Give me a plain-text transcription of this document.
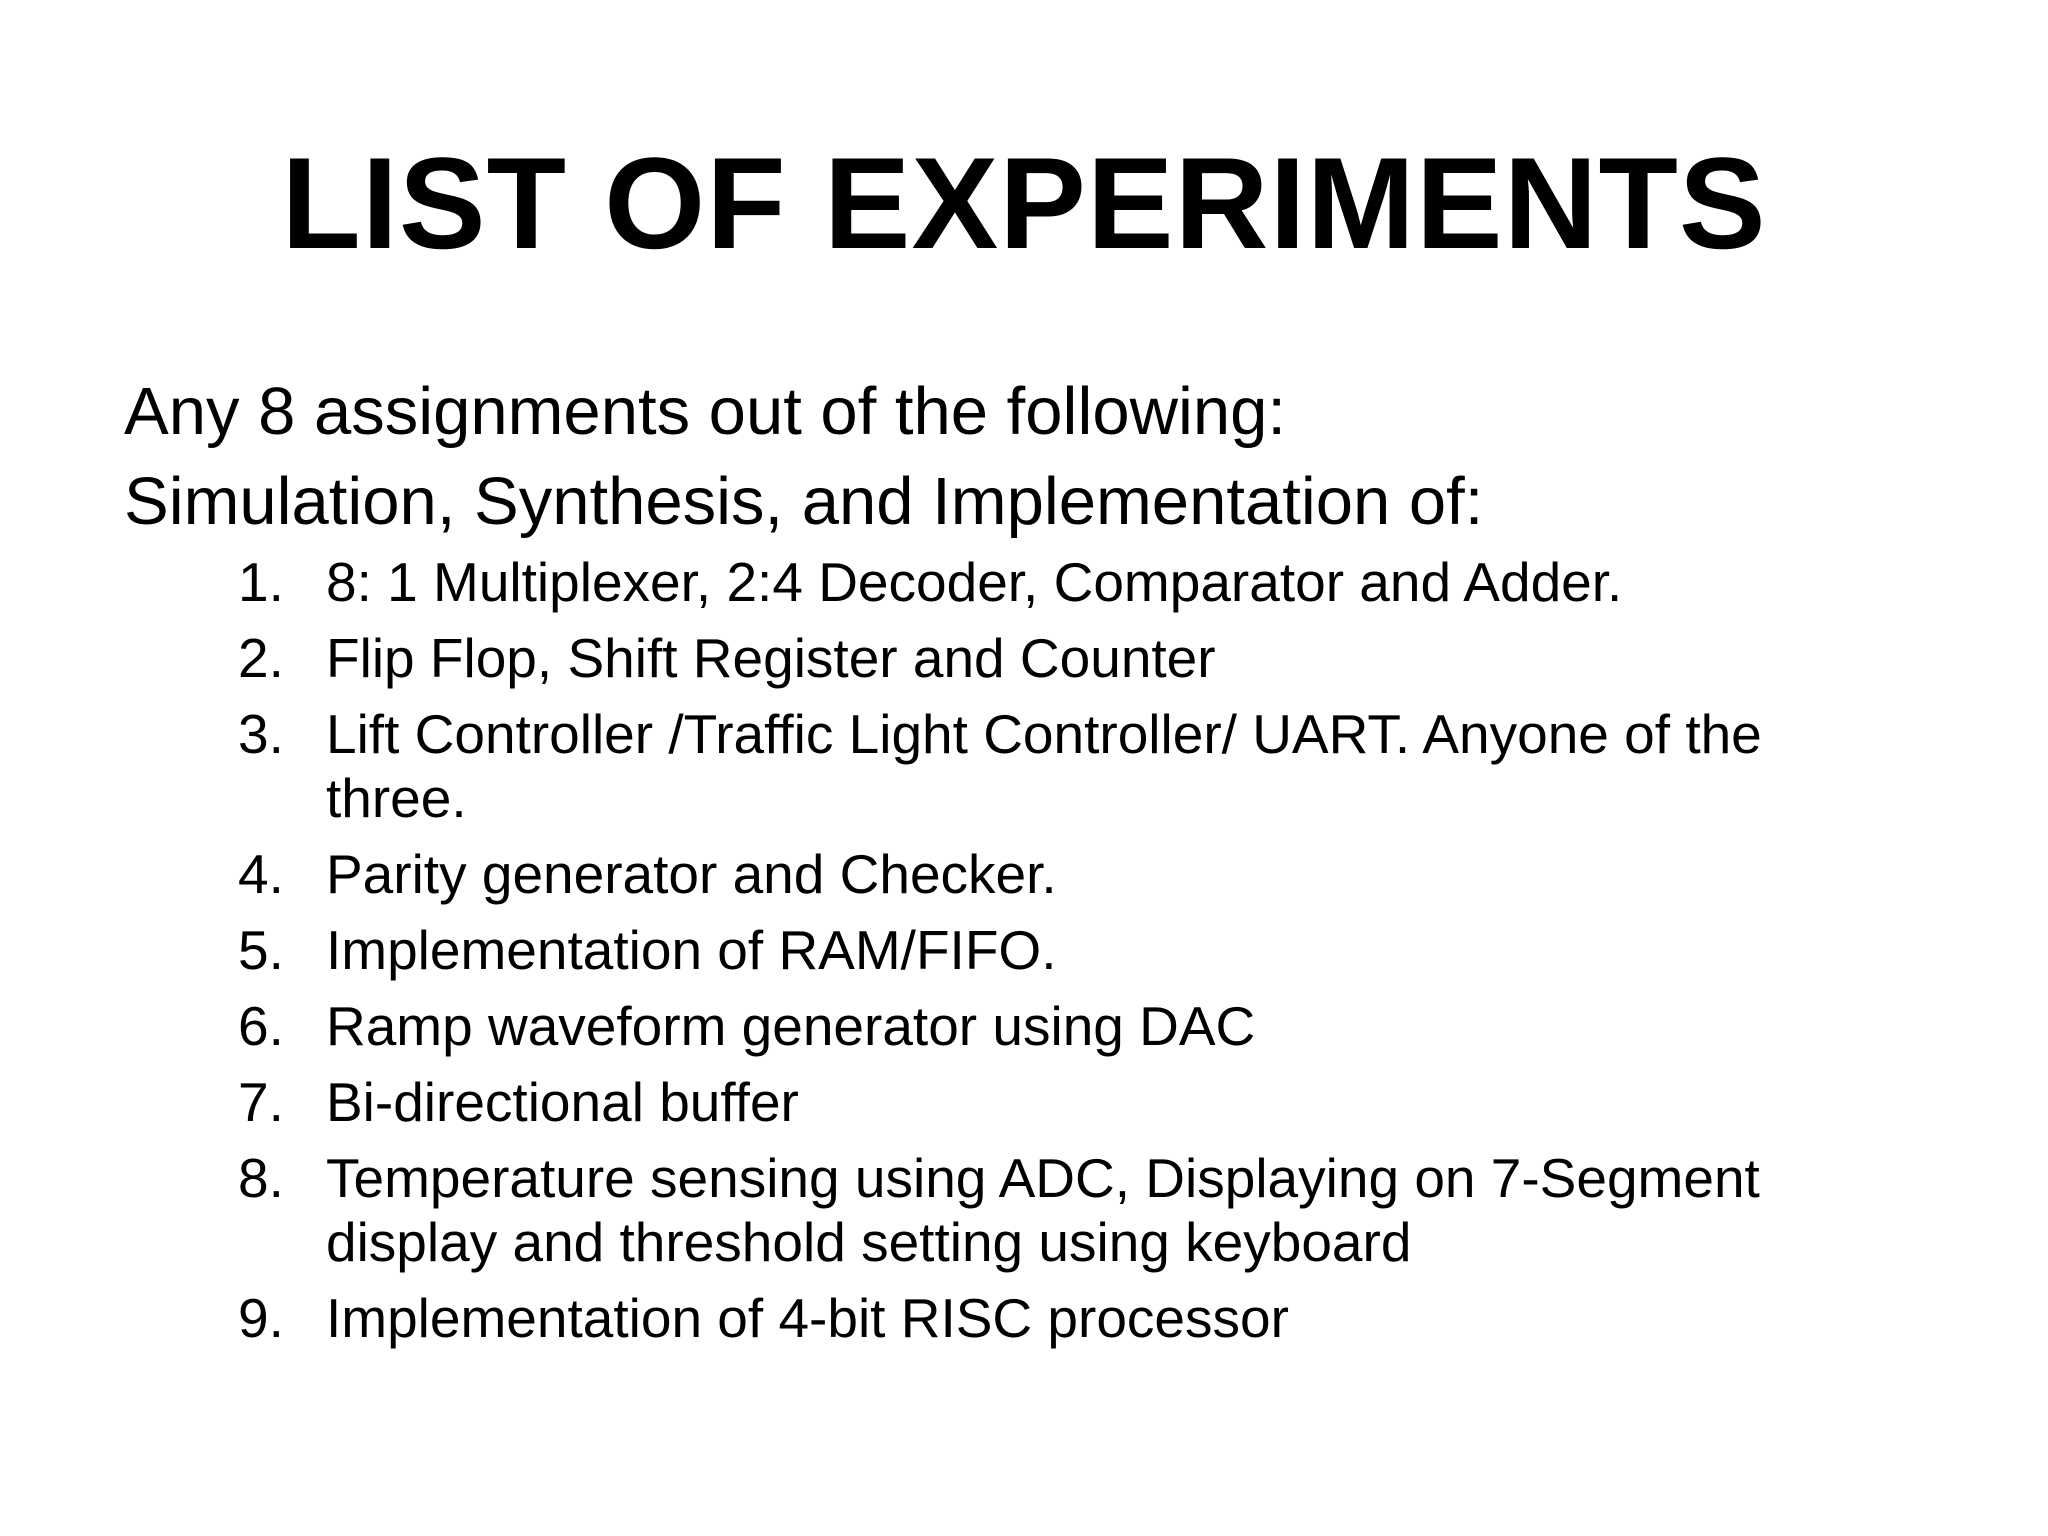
LIST OF EXPERIMENTS

Any 8 assignments out of the following:

Simulation, Synthesis, and Implementation of:

1. 8: 1 Multiplexer, 2:4 Decoder, Comparator and Adder.
2. Flip Flop, Shift Register and Counter
3. Lift Controller /Traffic Light Controller/ UART. Anyone of the three.
4. Parity generator and Checker.
5. Implementation of RAM/FIFO.
6. Ramp waveform generator using DAC
7. Bi-directional buffer
8. Temperature sensing using ADC, Displaying on 7-Segment display and threshold setting using keyboard
9. Implementation of 4-bit RISC processor
